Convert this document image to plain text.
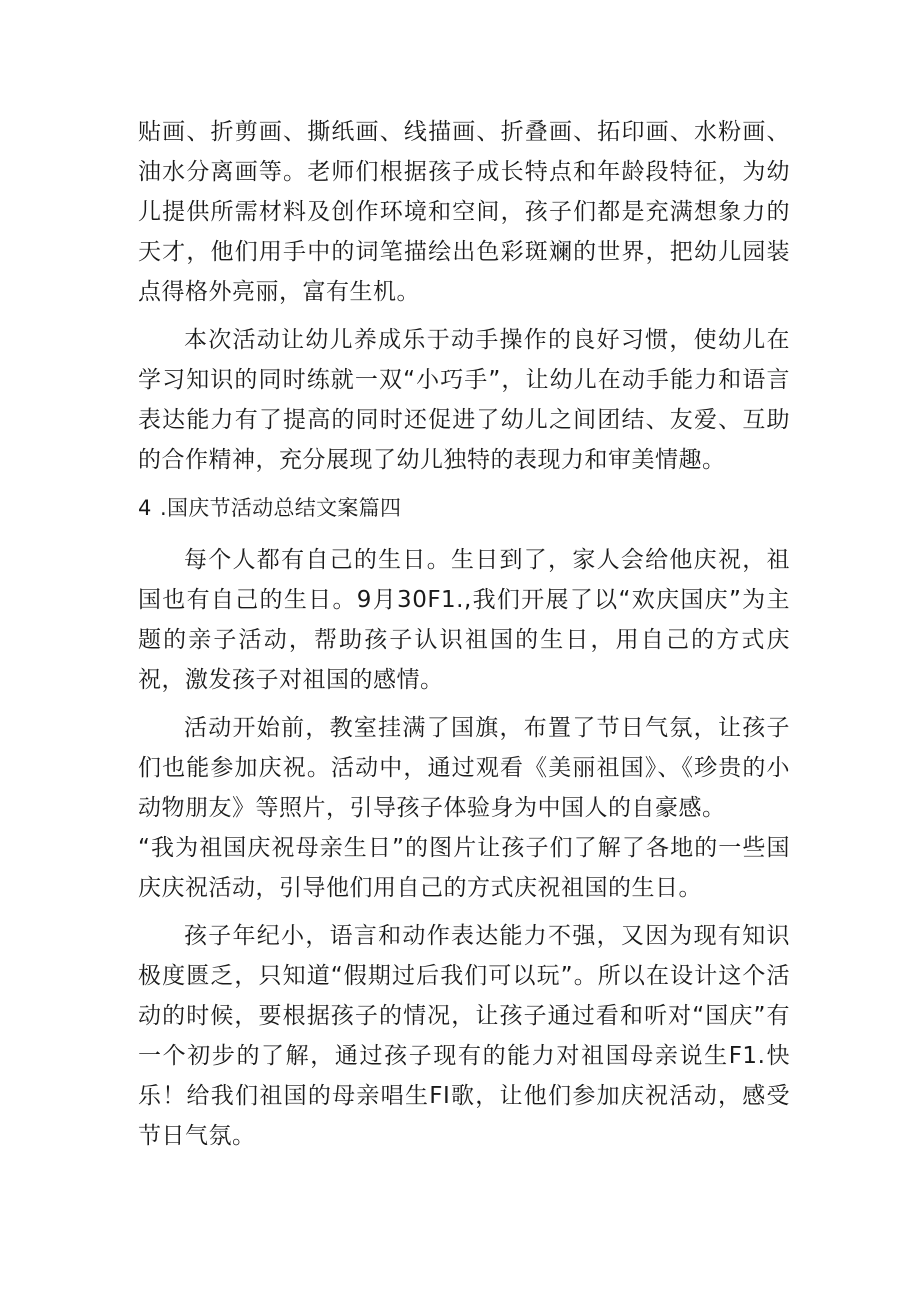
贴画、折剪画、撕纸画、线描画、折叠画、拓印画、水粉画、油水分离画等。老师们根据孩子成长特点和年龄段特征，为幼儿提供所需材料及创作环境和空间，孩子们都是充满想象力的天才，他们用手中的词笔描绘出色彩斑斓的世界，把幼儿园装点得格外亮丽，富有生机。

本次活动让幼儿养成乐于动手操作的良好习惯，使幼儿在学习知识的同时练就一双“小巧手”，让幼儿在动手能力和语言表达能力有了提高的同时还促进了幼儿之间团结、友爱、互助的合作精神，充分展现了幼儿独特的表现力和审美情趣。

4 .国庆节活动总结文案篇四

每个人都有自己的生日。生日到了，家人会给他庆祝，祖国也有自己的生日。9月30F1.,我们开展了以“欢庆国庆”为主题的亲子活动，帮助孩子认识祖国的生日，用自己的方式庆祝，激发孩子对祖国的感情。

活动开始前，教室挂满了国旗，布置了节日气氛，让孩子们也能参加庆祝。活动中，通过观看《美丽祖国》、《珍贵的小动物朋友》等照片，引导孩子体验身为中国人的自豪感。

“我为祖国庆祝母亲生日”的图片让孩子们了解了各地的一些国庆庆祝活动，引导他们用自己的方式庆祝祖国的生日。

孩子年纪小，语言和动作表达能力不强，又因为现有知识极度匮乏，只知道“假期过后我们可以玩”。所以在设计这个活动的时候，要根据孩子的情况，让孩子通过看和听对“国庆”有一个初步的了解，通过孩子现有的能力对祖国母亲说生F1.快乐！给我们祖国的母亲唱生FI歌，让他们参加庆祝活动，感受节日气氛。
